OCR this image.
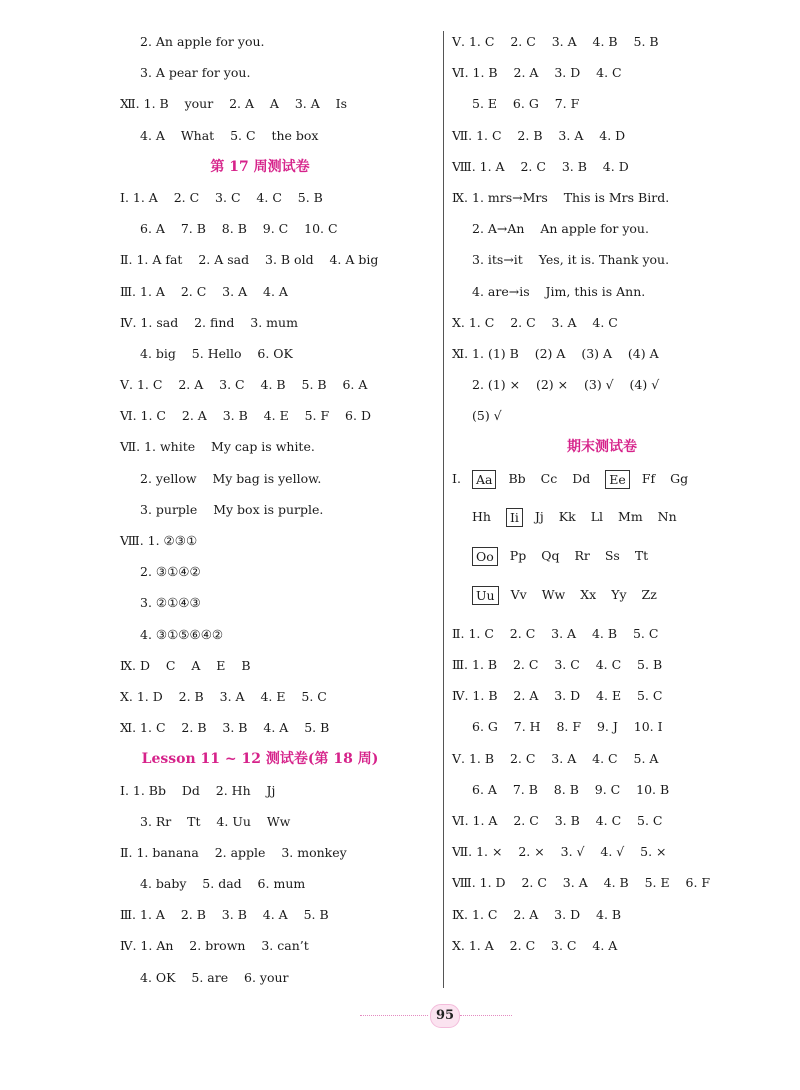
2. An apple for you.
3. A pear for you.
Ⅻ. 1. B    your    2. A    A    3. A    Is
4. A    What    5. C    the box
第 17 周测试卷
Ⅰ. 1. A    2. C    3. C    4. C    5. B
6. A    7. B    8. B    9. C    10. C
Ⅱ. 1. A fat    2. A sad    3. B old    4. A big
Ⅲ. 1. A    2. C    3. A    4. A
Ⅳ. 1. sad    2. find    3. mum
4. big    5. Hello    6. OK
Ⅴ. 1. C    2. A    3. C    4. B    5. B    6. A
Ⅵ. 1. C    2. A    3. B    4. E    5. F    6. D
Ⅶ. 1. white    My cap is white.
2. yellow    My bag is yellow.
3. purple    My box is purple.
Ⅷ. 1. ②③①
2. ③①④②
3. ②①④③
4. ③①⑤⑥④②
Ⅸ. D    C    A    E    B
Ⅹ. 1. D    2. B    3. A    4. E    5. C
Ⅺ. 1. C    2. B    3. B    4. A    5. B
Lesson 11 ~ 12 测试卷(第 18 周)
Ⅰ. 1. Bb    Dd    2. Hh    Jj
3. Rr    Tt    4. Uu    Ww
Ⅱ. 1. banana    2. apple    3. monkey
4. baby    5. dad    6. mum
Ⅲ. 1. A    2. B    3. B    4. A    5. B
Ⅳ. 1. An    2. brown    3. can’t
4. OK    5. are    6. your
Ⅴ. 1. C    2. C    3. A    4. B    5. B
Ⅵ. 1. B    2. A    3. D    4. C
5. E    6. G    7. F
Ⅶ. 1. C    2. B    3. A    4. D
Ⅷ. 1. A    2. C    3. B    4. D
Ⅸ. 1. mrs→Mrs    This is Mrs Bird.
2. A→An    An apple for you.
3. its→it    Yes, it is. Thank you.
4. are→is    Jim, this is Ann.
Ⅹ. 1. C    2. C    3. A    4. C
Ⅺ. 1. (1) B    (2) A    (3) A    (4) A
2. (1) ×    (2) ×    (3) √    (4) √
(5) √
期末测试卷
Ⅰ.	Aa	Bb Cc Dd	Ee	Ff Gg
Hh	Ii	Jj Kk Ll Mm Nn
Oo	Pp Qq Rr Ss Tt
Uu	Vv Ww Xx Yy Zz
Ⅱ. 1. C    2. C    3. A    4. B    5. C
Ⅲ. 1. B    2. C    3. C    4. C    5. B
Ⅳ. 1. B    2. A    3. D    4. E    5. C
6. G    7. H    8. F    9. J    10. I
Ⅴ. 1. B    2. C    3. A    4. C    5. A
6. A    7. B    8. B    9. C    10. B
Ⅵ. 1. A    2. C    3. B    4. C    5. C
Ⅶ. 1. ×    2. ×    3. √    4. √    5. ×
Ⅷ. 1. D    2. C    3. A    4. B    5. E    6. F
Ⅸ. 1. C    2. A    3. D    4. B
Ⅹ. 1. A    2. C    3. C    4. A
95
